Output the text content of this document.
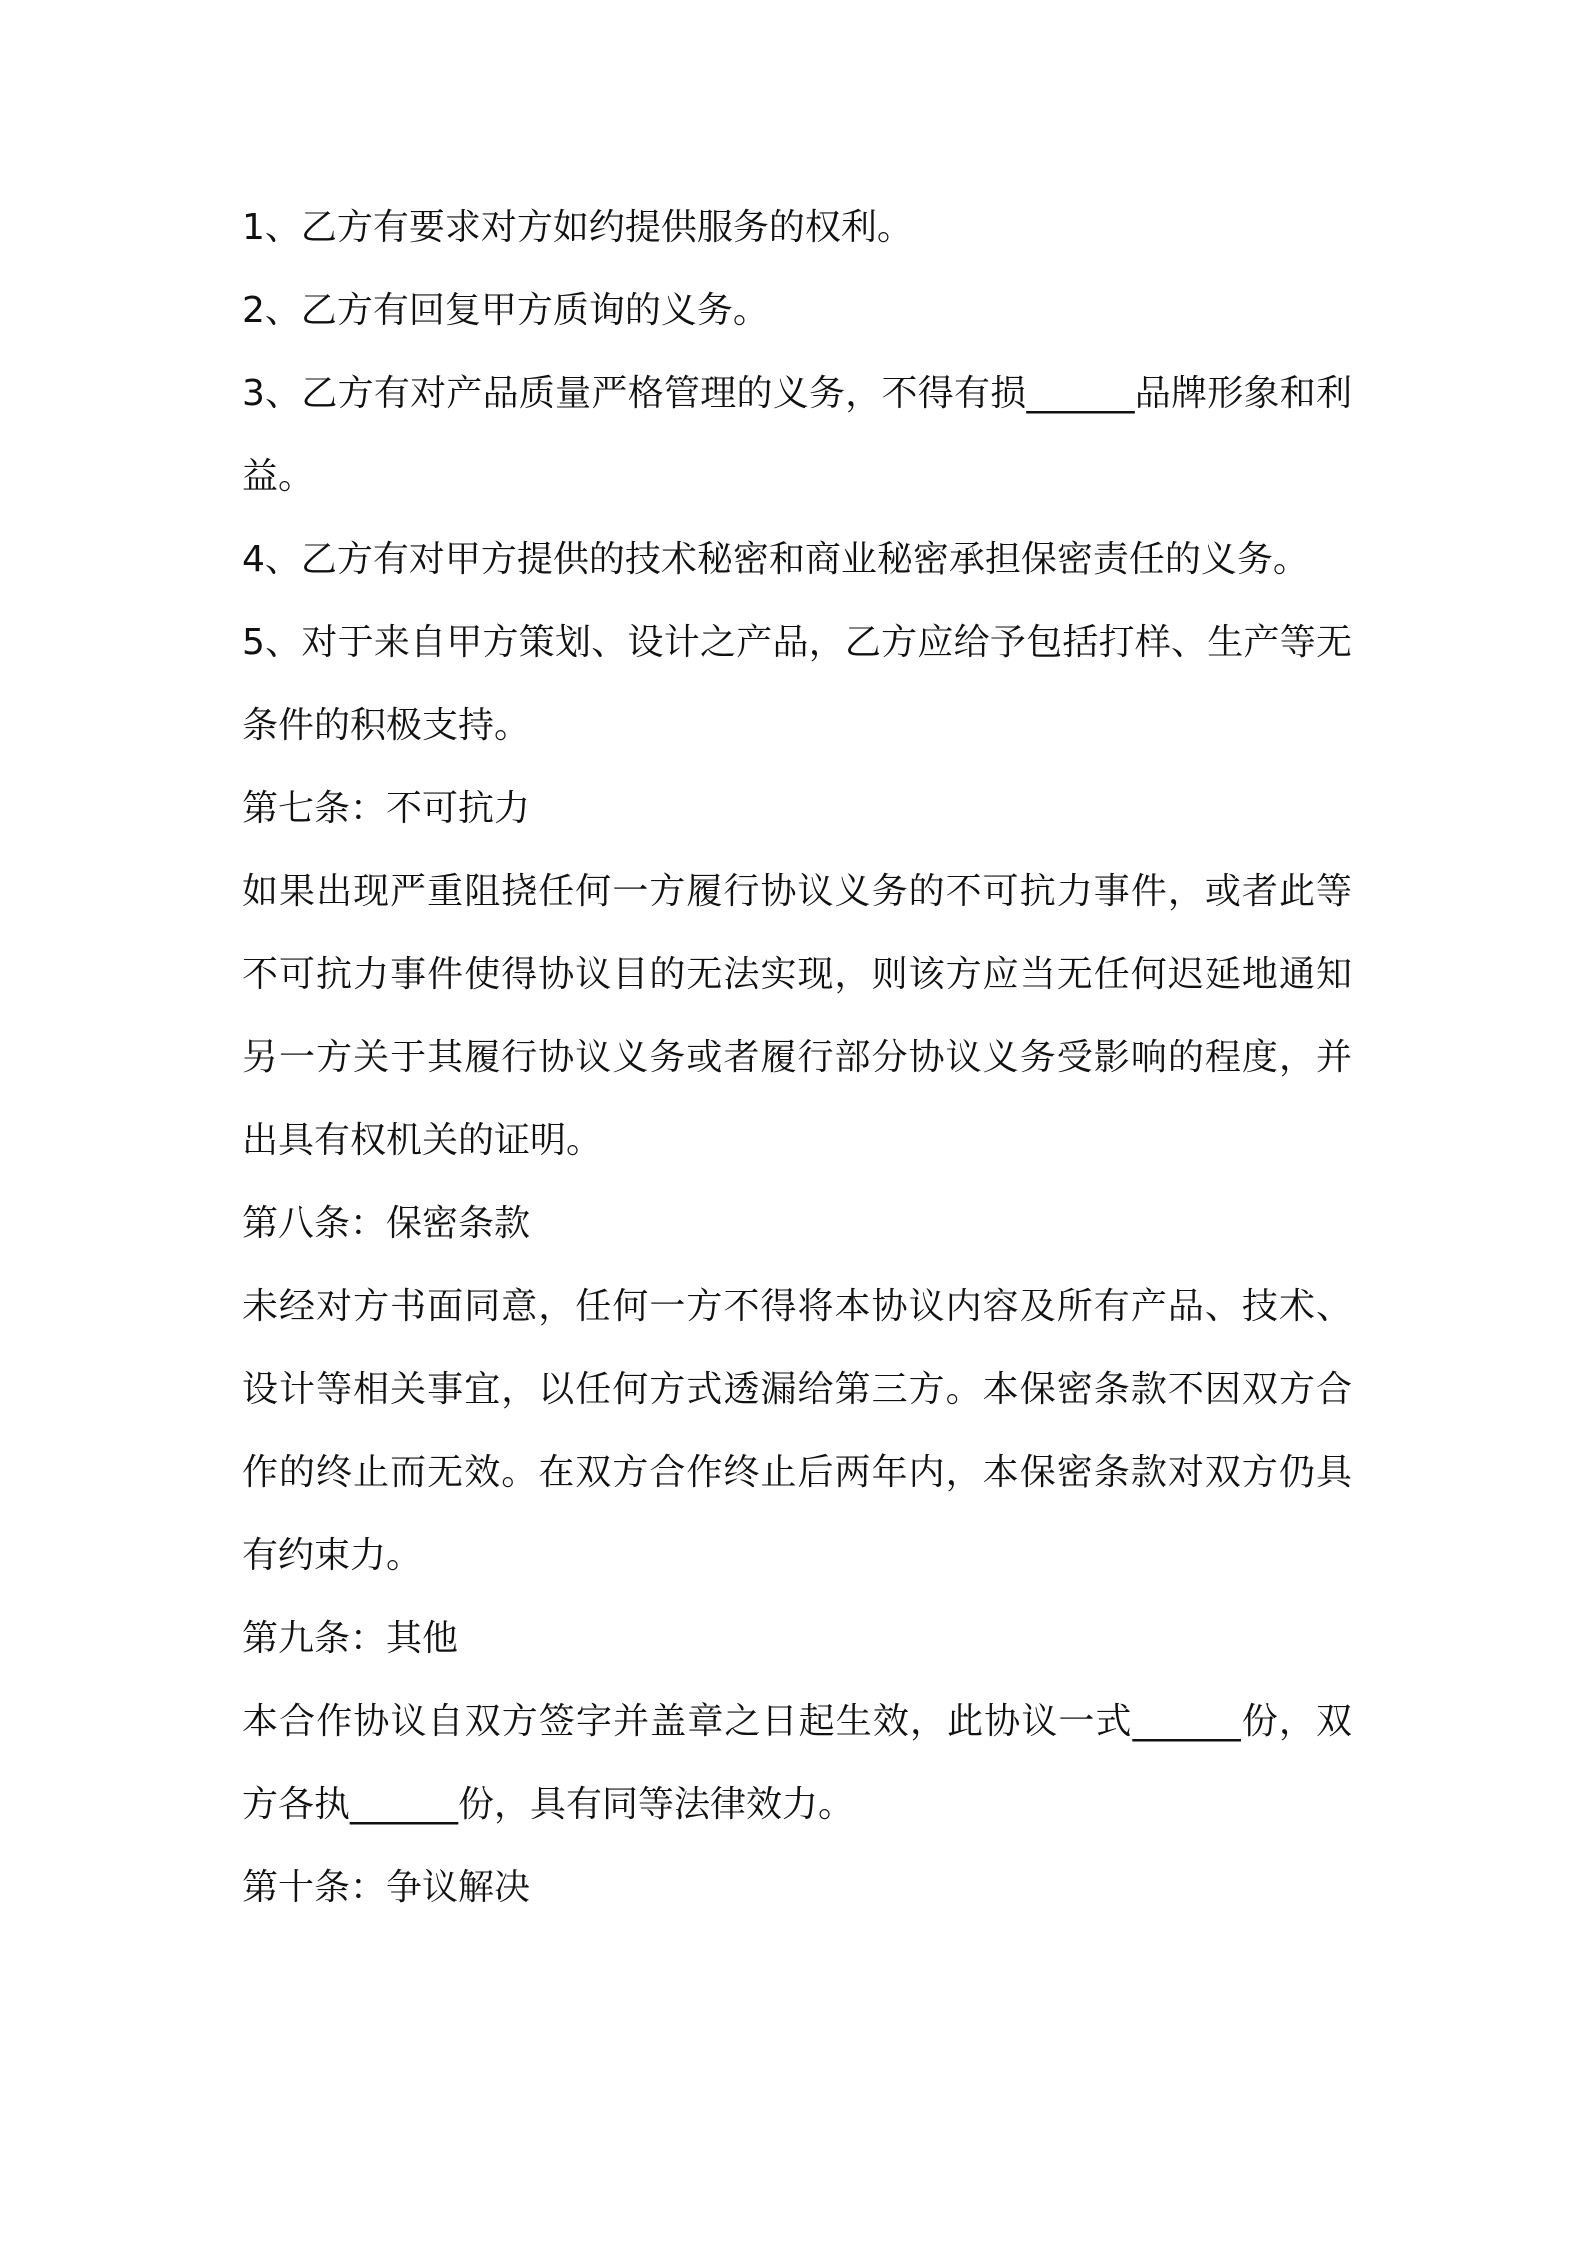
1、乙方有要求对方如约提供服务的权利。

2、乙方有回复甲方质询的义务。

3、乙方有对产品质量严格管理的义务，不得有损______品牌形象和利益。

4、乙方有对甲方提供的技术秘密和商业秘密承担保密责任的义务。

5、对于来自甲方策划、设计之产品，乙方应给予包括打样、生产等无条件的积极支持。

第七条：不可抗力

如果出现严重阻挠任何一方履行协议义务的不可抗力事件，或者此等不可抗力事件使得协议目的无法实现，则该方应当无任何迟延地通知另一方关于其履行协议义务或者履行部分协议义务受影响的程度，并出具有权机关的证明。

第八条：保密条款

未经对方书面同意，任何一方不得将本协议内容及所有产品、技术、设计等相关事宜，以任何方式透漏给第三方。本保密条款不因双方合作的终止而无效。在双方合作终止后两年内，本保密条款对双方仍具有约束力。

第九条：其他

本合作协议自双方签字并盖章之日起生效，此协议一式______份，双方各执______份，具有同等法律效力。

第十条：争议解决
